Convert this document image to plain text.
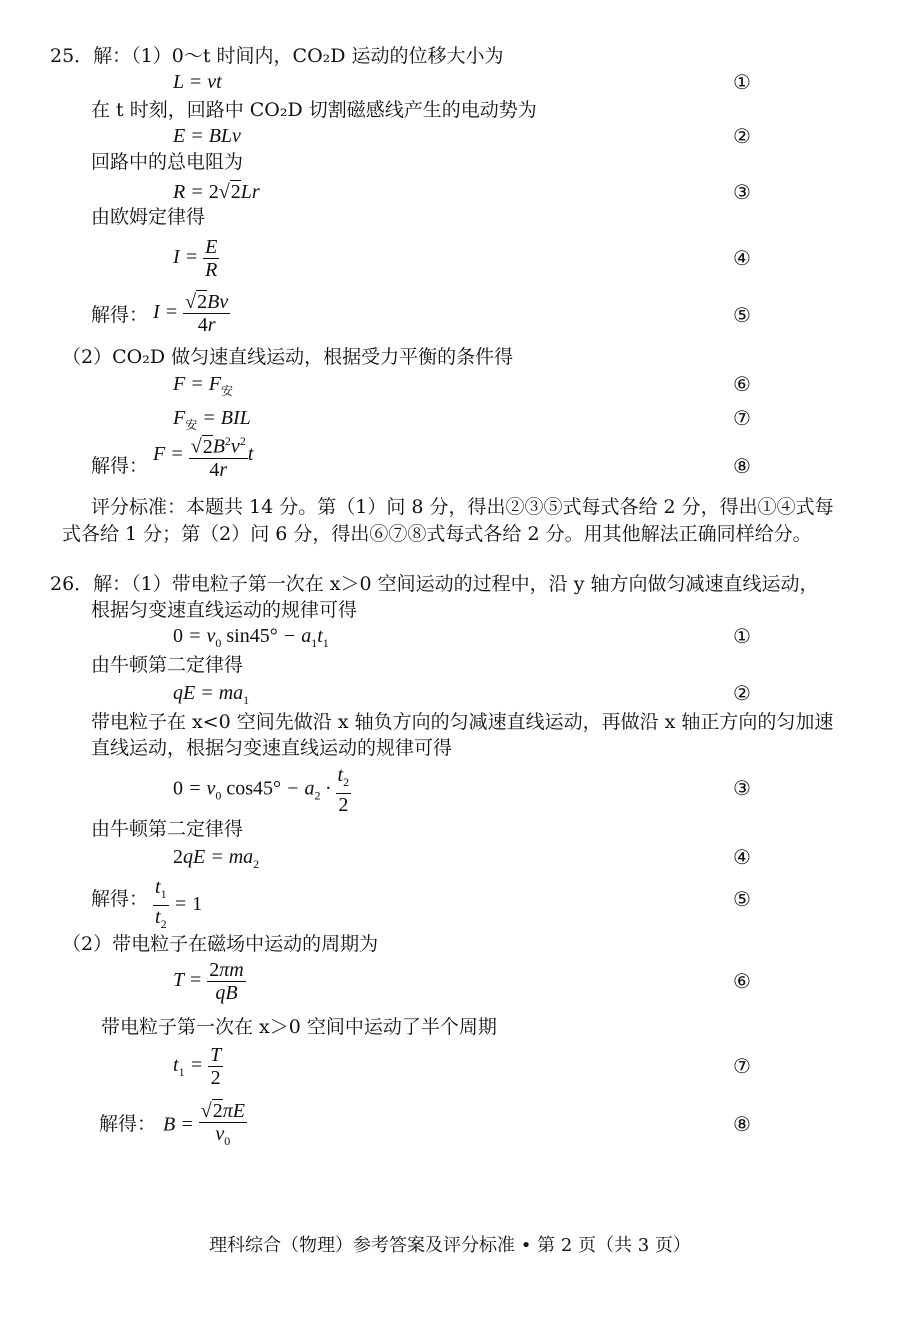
25．解：（1）0～t 时间内，CO₂D 运动的位移大小为
L = vt	①
在 t 时刻，回路中 CO₂D 切割磁感线产生的电动势为
E = BLv	②
回路中的总电阻为
R = 2√2Lr	③
由欧姆定律得
$I = \frac{E}{R}$	④
解得： $I = \frac{√2Bv}{4r}$	⑤
（2）CO₂D 做匀速直线运动，根据受力平衡的条件得
$F = F_安$	⑥
$F_安$ = BIL	⑦
解得：
$F = \frac{√2B^2v^2}{4r}$ t
⑧
评分标准：本题共 14 分。第（1）问 8 分，得出②③⑤式每式各给 2 分，得出①④式每
式各给 1 分；第（2）问 6 分，得出⑥⑦⑧式每式各给 2 分。用其他解法正确同样给分。
26．解：（1）带电粒子第一次在 x＞0 空间运动的过程中，沿 y 轴方向做匀减速直线运动，
根据匀变速直线运动的规律可得
$0 = v_0$ $\sin 45^\circ - a_1t_1$	①
由牛顿第二定律得
qE = $ma_1$	②
带电粒子在 x<0 空间先做沿 x 轴负方向的匀减速直线运动，再做沿 x 轴正方向的匀加速
直线运动，根据匀变速直线运动的规律可得
$0 = v_0$ $\cos 45^\circ - a_2 \cdot \frac{t_2}{2}$	③
由牛顿第二定律得
$2qE = ma_2$	④
解得： $\frac{t_1}{t_2} = 1$	⑤
（2）带电粒子在磁场中运动的周期为
$T = \frac{2\pi m}{qB}$	⑥
带电粒子第一次在 x＞0 空间中运动了半个周期
$t_1 = \frac{T}{2}$	⑦
解得： $B = \frac{√2\pi E}{v_0}$	⑧
理科综合（物理）参考答案及评分标准 • 第 2 页（共 3 页）
